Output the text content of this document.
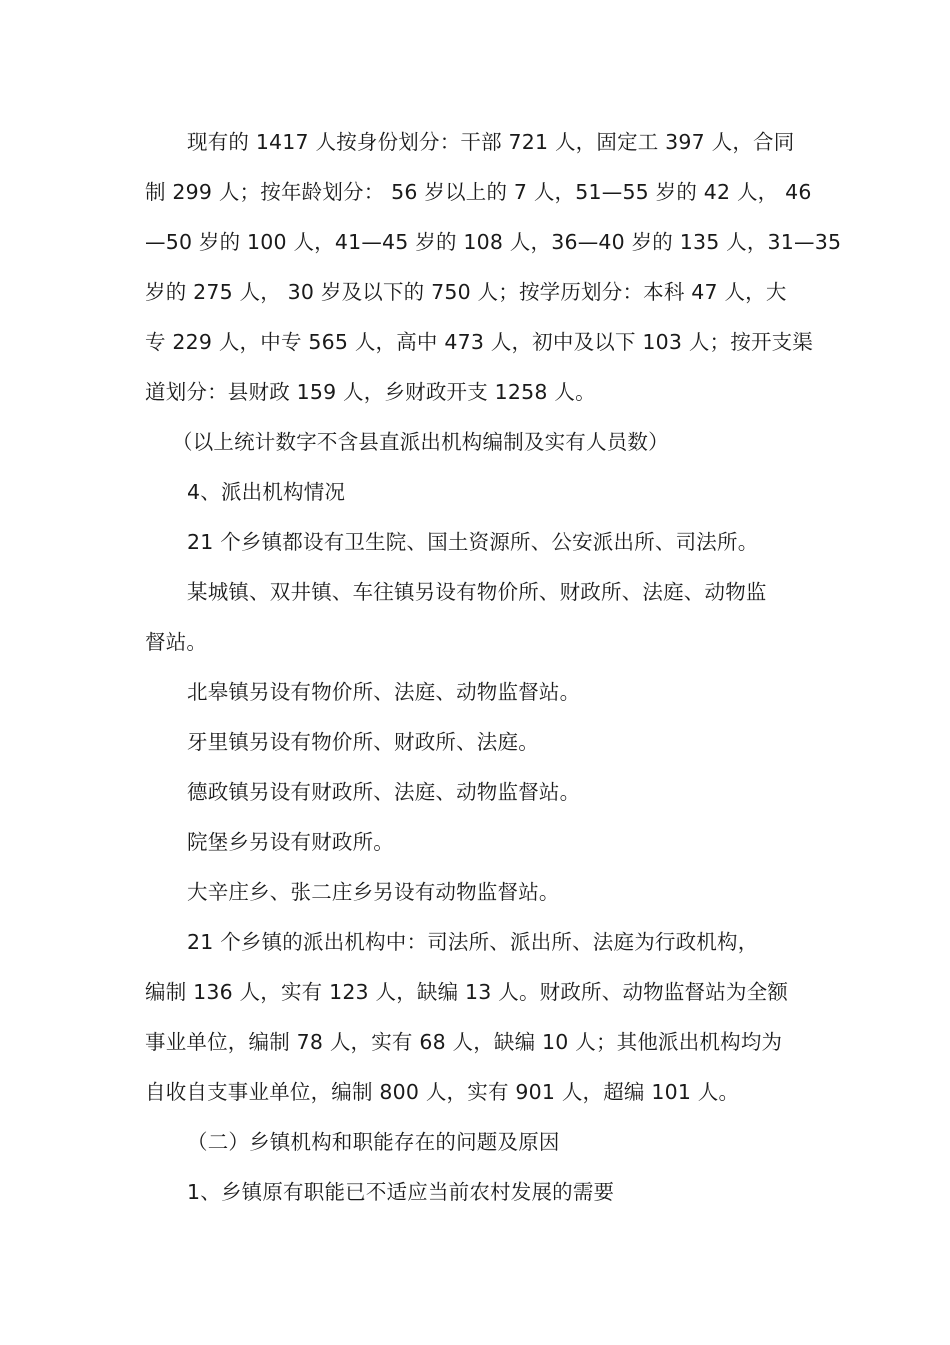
现有的 1417 人按身份划分：干部 721 人，固定工 397 人，合同
制 299 人；按年龄划分： 56 岁以上的 7 人，51—55 岁的 42 人， 46
—50 岁的 100 人，41—45 岁的 108 人，36—40 岁的 135 人，31—35
岁的 275 人， 30 岁及以下的 750 人；按学历划分：本科 47 人，大
专 229 人，中专 565 人，高中 473 人，初中及以下 103 人；按开支渠
道划分：县财政 159 人，乡财政开支 1258 人。
（以上统计数字不含县直派出机构编制及实有人员数）
4、派出机构情况
21 个乡镇都设有卫生院、国土资源所、公安派出所、司法所。
某城镇、双井镇、车往镇另设有物价所、财政所、法庭、动物监
督站。
北皋镇另设有物价所、法庭、动物监督站。
牙里镇另设有物价所、财政所、法庭。
德政镇另设有财政所、法庭、动物监督站。
院堡乡另设有财政所。
大辛庄乡、张二庄乡另设有动物监督站。
21 个乡镇的派出机构中：司法所、派出所、法庭为行政机构，
编制 136 人，实有 123 人，缺编 13 人。财政所、动物监督站为全额
事业单位，编制 78 人，实有 68 人，缺编 10 人；其他派出机构均为
自收自支事业单位，编制 800 人，实有 901 人，超编 101 人。
（二）乡镇机构和职能存在的问题及原因
1、乡镇原有职能已不适应当前农村发展的需要
